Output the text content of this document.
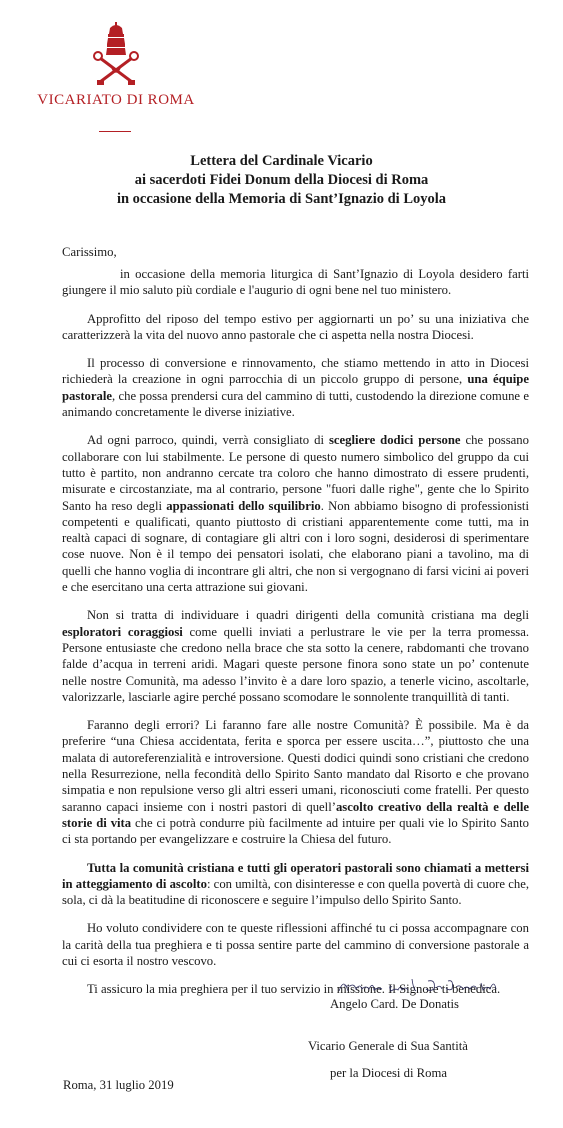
VICARIATO DI ROMA
Lettera del Cardinale Vicario
ai sacerdoti Fidei Donum della Diocesi di Roma
in occasione della Memoria di Sant’Ignazio di Loyola

Carissimo,

in occasione della memoria liturgica di Sant’Ignazio di Loyola desidero farti giungere il mio saluto più cordiale e l'augurio di ogni bene nel tuo ministero.

Approfitto del riposo del tempo estivo per aggiornarti un po’ su una iniziativa che caratterizzerà la vita del nuovo anno pastorale che ci aspetta nella nostra Diocesi.

Il processo di conversione e rinnovamento, che stiamo mettendo in atto in Diocesi richiederà la creazione in ogni parrocchia di un piccolo gruppo di persone, una équipe pastorale, che possa prendersi cura del cammino di tutti, custodendo la direzione comune e animando concretamente le diverse iniziative.

Ad ogni parroco, quindi, verrà consigliato di scegliere dodici persone che possano collaborare con lui stabilmente. Le persone di questo numero simbolico del gruppo da cui tutto è partito, non andranno cercate tra coloro che hanno dimostrato di essere prudenti, misurate e circostanziate, ma al contrario, persone "fuori dalle righe", gente che lo Spirito Santo ha reso degli appassionati dello squilibrio. Non abbiamo bisogno di professionisti competenti e qualificati, quanto piuttosto di cristiani apparentemente come tutti, ma in realtà capaci di sognare, di contagiare gli altri con i loro sogni, desiderosi di sperimentare cose nuove. Non è il tempo dei pensatori isolati, che elaborano piani a tavolino, ma di quelli che hanno voglia di incontrare gli altri, che non si vergognano di farsi vicini ai poveri e che esercitano una certa attrazione sui giovani.

Non si tratta di individuare i quadri dirigenti della comunità cristiana ma degli esploratori coraggiosi come quelli inviati a perlustrare le vie per la terra promessa. Persone entusiaste che credono nella brace che sta sotto la cenere, rabdomanti che trovano falde d’acqua in terreni aridi. Magari queste persone finora sono state un po’ contenute nelle nostre Comunità, ma adesso l’invito è a dare loro spazio, a tenerle vicino, ascoltarle, valorizzarle, lasciarle agire perché possano scomodare le sonnolente tranquillità di tanti.

Faranno degli errori? Li faranno fare alle nostre Comunità? È possibile. Ma è da preferire “una Chiesa accidentata, ferita e sporca per essere uscita…”, piuttosto che una malata di autoreferenzialità e introversione. Questi dodici quindi sono cristiani che credono nella Resurrezione, nella fecondità dello Spirito Santo mandato dal Risorto e che provano simpatia e non repulsione verso gli altri esseri umani, riconosciuti come fratelli. Per questo saranno capaci insieme con i nostri pastori di quell’ascolto creativo della realtà e delle storie di vita che ci potrà condurre più facilmente ad intuire per quali vie lo Spirito Santo ci sta portando per evangelizzare e costruire la Chiesa del futuro.

Tutta la comunità cristiana e tutti gli operatori pastorali sono chiamati a mettersi in atteggiamento di ascolto: con umiltà, con disinteresse e con quella povertà di cuore che, sola, ci dà la beatitudine di riconoscere e seguire l’impulso dello Spirito Santo.

Ho voluto condividere con te queste riflessioni affinché tu ci possa accompagnare con la carità della tua preghiera e ti possa sentire parte del cammino di conversione pastorale a cui ci esorta il nostro vescovo.

Ti assicuro la mia preghiera per il tuo servizio in missione. Il Signore ti benedica.

Angelo Card. De Donatis
Vicario Generale di Sua Santità
per la Diocesi di Roma
Roma, 31 luglio 2019
